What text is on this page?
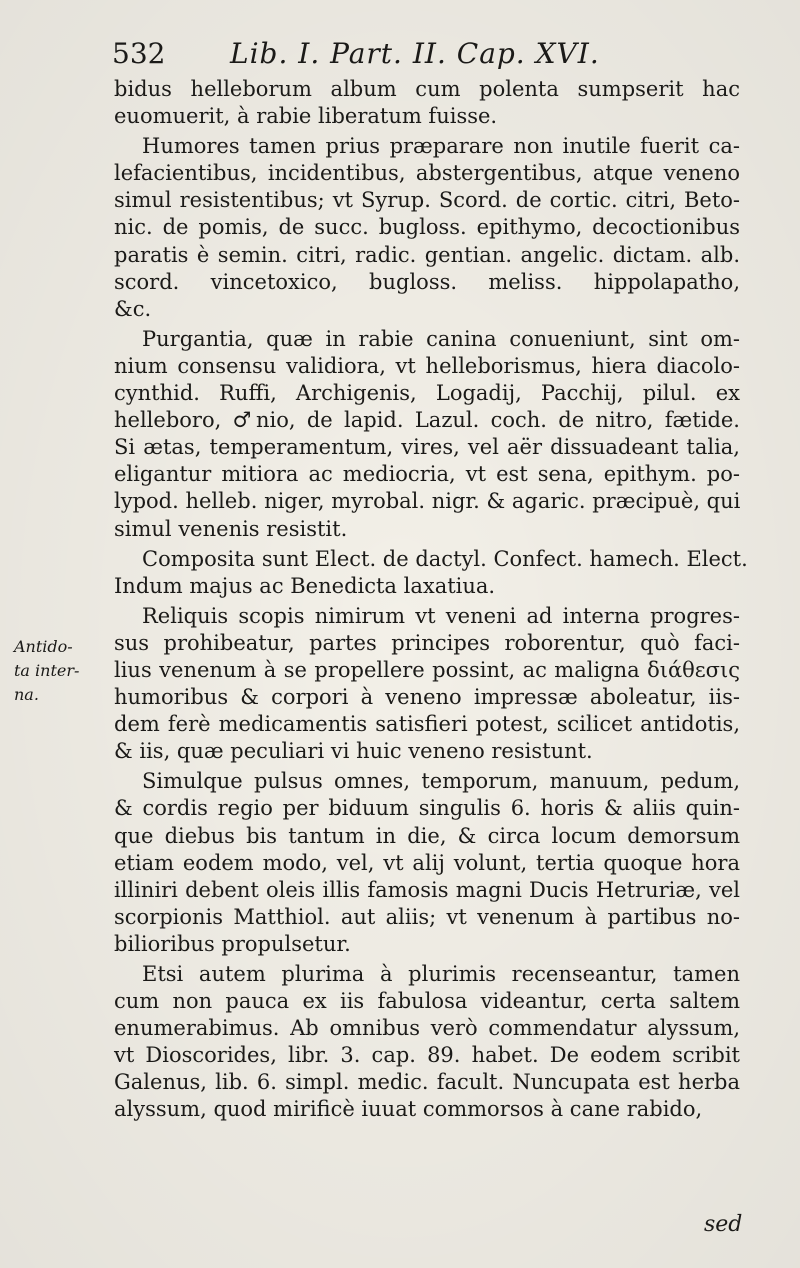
532 Lib. I. Part. II. Cap. XVI.
Antido-
ta inter-
na.
bidus helleborum album cum polenta sumpserit hac
euomuerit, à rabie liberatum fuisse.
Humores tamen prius præparare non inutile fuerit ca-
lefacientibus, incidentibus, abstergentibus, atque veneno
simul resistentibus; vt Syrup. Scord. de cortic. citri, Beto-
nic. de pomis, de succ. bugloss. epithymo, decoctionibus
paratis è semin. citri, radic. gentian. angelic. dictam. alb.
scord. vincetoxico, bugloss. meliss. hippolapatho,
&c.
Purgantia, quæ in rabie canina conueniunt, sint om-
nium consensu validiora, vt helleborismus, hiera diacolo-
cynthid. Ruffi, Archigenis, Logadij, Pacchij, pilul. ex
helleboro, ♂nio, de lapid. Lazul. coch. de nitro, fætide.
Si ætas, temperamentum, vires, vel aër dissuadeant talia,
eligantur mitiora ac mediocria, vt est sena, epithym. po-
lypod. helleb. niger, myrobal. nigr. & agaric. præcipuè, qui
simul venenis resistit.
Composita sunt Elect. de dactyl. Confect. hamech. Elect.
Indum majus ac Benedicta laxatiua.
Reliquis scopis nimirum vt veneni ad interna progres-
sus prohibeatur, partes principes roborentur, quò faci-
lius venenum à se propellere possint, ac maligna διάθεσις
humoribus & corpori à veneno impressæ aboleatur, iis-
dem ferè medicamentis satisfieri potest, scilicet antidotis,
& iis, quæ peculiari vi huic veneno resistunt.
Simulque pulsus omnes, temporum, manuum, pedum,
& cordis regio per biduum singulis 6. horis & aliis quin-
que diebus bis tantum in die, & circa locum demorsum
etiam eodem modo, vel, vt alij volunt, tertia quoque hora
illiniri debent oleis illis famosis magni Ducis Hetruriæ, vel
scorpionis Matthiol. aut aliis; vt venenum à partibus no-
bilioribus propulsetur.
Etsi autem plurima à plurimis recenseantur, tamen
cum non pauca ex iis fabulosa videantur, certa saltem
enumerabimus. Ab omnibus verò commendatur alyssum,
vt Dioscorides, libr. 3. cap. 89. habet. De eodem scribit
Galenus, lib. 6. simpl. medic. facult. Nuncupata est herba
alyssum, quod mirificè iuuat commorsos à cane rabido,
sed
